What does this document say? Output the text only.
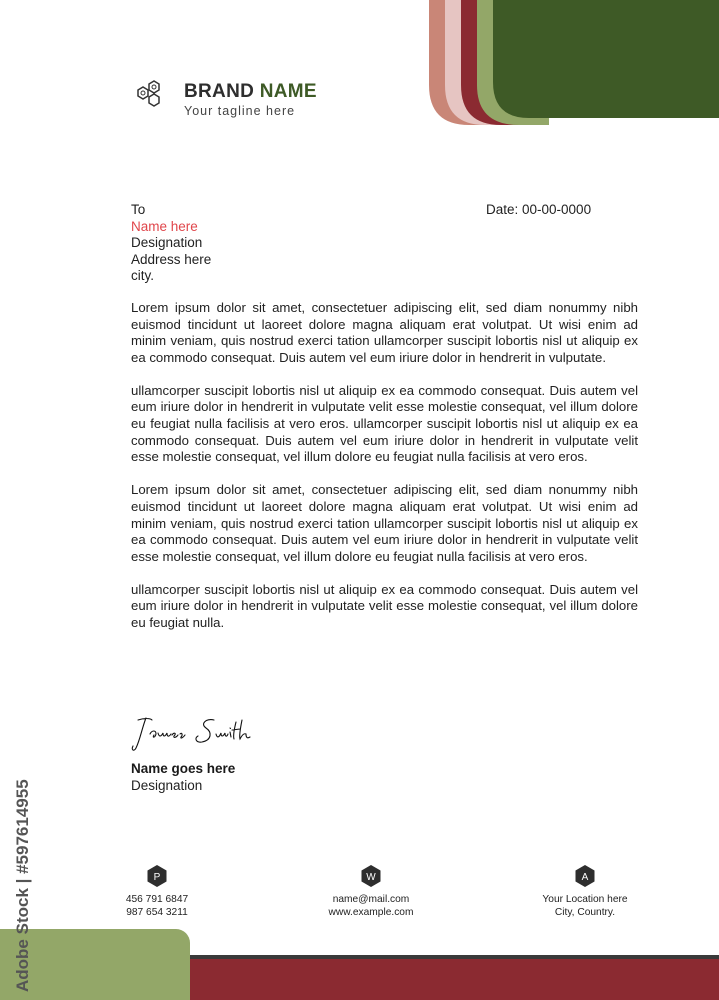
BRAND NAME
Your tagline here
To
Name here
Designation
Address here
city.
Date: 00-00-0000

Lorem ipsum dolor sit amet, consectetuer adipiscing elit, sed diam nonummy nibh euismod tincidunt ut laoreet dolore magna aliquam erat volutpat. Ut wisi enim ad minim veniam, quis nostrud exerci tation ullamcorper suscipit lobortis nisl ut aliquip ex ea commodo consequat. Duis autem vel eum iriure dolor in hendrerit in vulputate.

ullamcorper suscipit lobortis nisl ut aliquip ex ea commodo consequat. Duis autem vel eum iriure dolor in hendrerit in vulputate velit esse molestie consequat, vel illum dolore eu feugiat nulla facilisis at vero eros. ullamcorper suscipit lobortis nisl ut aliquip ex ea commodo consequat. Duis autem vel eum iriure dolor in hendrerit in vulputate velit esse molestie consequat, vel illum dolore eu feugiat nulla facilisis at vero eros.

Lorem ipsum dolor sit amet, consectetuer adipiscing elit, sed diam nonummy nibh euismod tincidunt ut laoreet dolore magna aliquam erat volutpat. Ut wisi enim ad minim veniam, quis nostrud exerci tation ullamcorper suscipit lobortis nisl ut aliquip ex ea commodo consequat. Duis autem vel eum iriure dolor in hendrerit in vulputate velit esse molestie consequat, vel illum dolore eu feugiat nulla facilisis at vero eros.

ullamcorper suscipit lobortis nisl ut aliquip ex ea commodo consequat. Duis autem vel eum iriure dolor in hendrerit in vulputate velit esse molestie consequat, vel illum dolore eu feugiat nulla.

Name goes here
Designation
P
456 791 6847
987 654 3211
W
name@mail.com
www.example.com
A
Your Location here
City, Country.
Adobe Stock | #597614955
